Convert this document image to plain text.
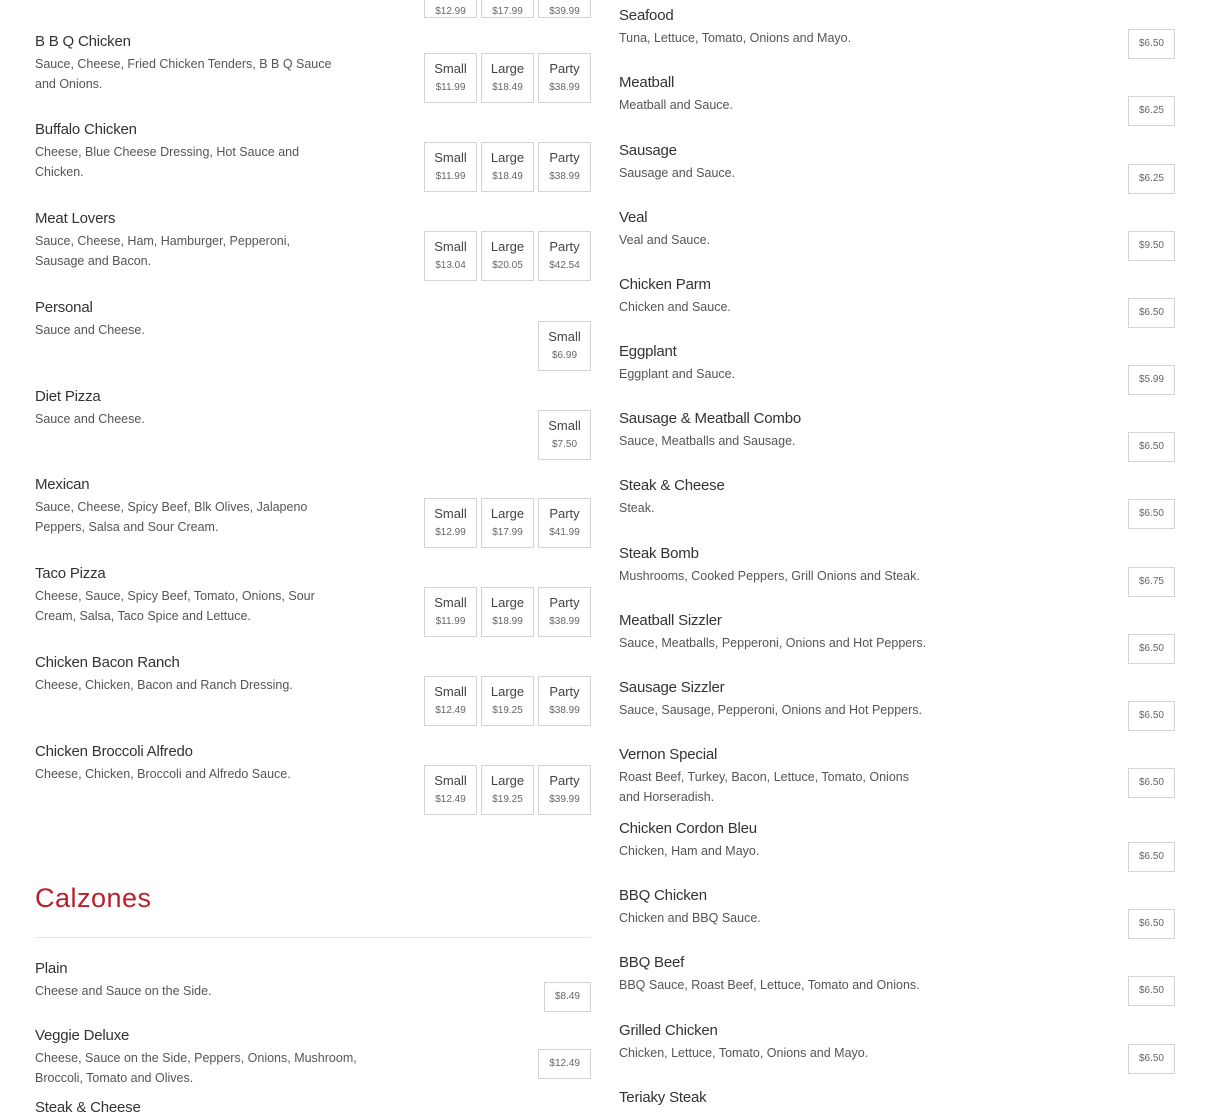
$12.99	$17.99	$39.99
B B Q Chicken
Sauce, Cheese, Fried Chicken Tenders, B B Q Sauce and Onions.
Small
$11.99
Large
$18.49
Party
$38.99
Buffalo Chicken
Cheese, Blue Cheese Dressing, Hot Sauce and Chicken.
Small
$11.99
Large
$18.49
Party
$38.99
Meat Lovers
Sauce, Cheese, Ham, Hamburger, Pepperoni, Sausage and Bacon.
Small
$13.04
Large
$20.05
Party
$42.54
Personal
Sauce and Cheese.	Small
$6.99
Diet Pizza
Sauce and Cheese.	Small
$7.50
Mexican
Sauce, Cheese, Spicy Beef, Blk Olives, Jalapeno Peppers, Salsa and Sour Cream.
Small
$12.99
Large
$17.99
Party
$41.99
Taco Pizza
Cheese, Sauce, Spicy Beef, Tomato, Onions, Sour Cream, Salsa, Taco Spice and Lettuce.
Small
$11.99
Large
$18.99
Party
$38.99
Chicken Bacon Ranch
Cheese, Chicken, Bacon and Ranch Dressing.	Small
$12.49
Large
$19.25
Party
$38.99
Chicken Broccoli Alfredo
Cheese, Chicken, Broccoli and Alfredo Sauce.	Small
$12.49
Large
$19.25
Party
$39.99
Calzones
Plain
Cheese and Sauce on the Side.	$8.49
Veggie Deluxe
Cheese, Sauce on the Side, Peppers, Onions, Mushroom, Broccoli, Tomato and Olives.
$12.49
Steak & Cheese
Seafood
Tuna, Lettuce, Tomato, Onions and Mayo.	$6.50
Meatball
Meatball and Sauce.	$6.25
Sausage
Sausage and Sauce.	$6.25
Veal
Veal and Sauce.	$9.50
Chicken Parm
Chicken and Sauce.	$6.50
Eggplant
Eggplant and Sauce.	$5.99
Sausage & Meatball Combo
Sauce, Meatballs and Sausage.	$6.50
Steak & Cheese
Steak.	$6.50
Steak Bomb
Mushrooms, Cooked Peppers, Grill Onions and Steak.	$6.75
Meatball Sizzler
Sauce, Meatballs, Pepperoni, Onions and Hot Peppers.	$6.50
Sausage Sizzler
Sauce, Sausage, Pepperoni, Onions and Hot Peppers.	$6.50
Vernon Special
Roast Beef, Turkey, Bacon, Lettuce, Tomato, Onions and Horseradish.
$6.50
Chicken Cordon Bleu
Chicken, Ham and Mayo.	$6.50
BBQ Chicken
Chicken and BBQ Sauce.	$6.50
BBQ Beef
BBQ Sauce, Roast Beef, Lettuce, Tomato and Onions.	$6.50
Grilled Chicken
Chicken, Lettuce, Tomato, Onions and Mayo.	$6.50
Teriaky Steak
